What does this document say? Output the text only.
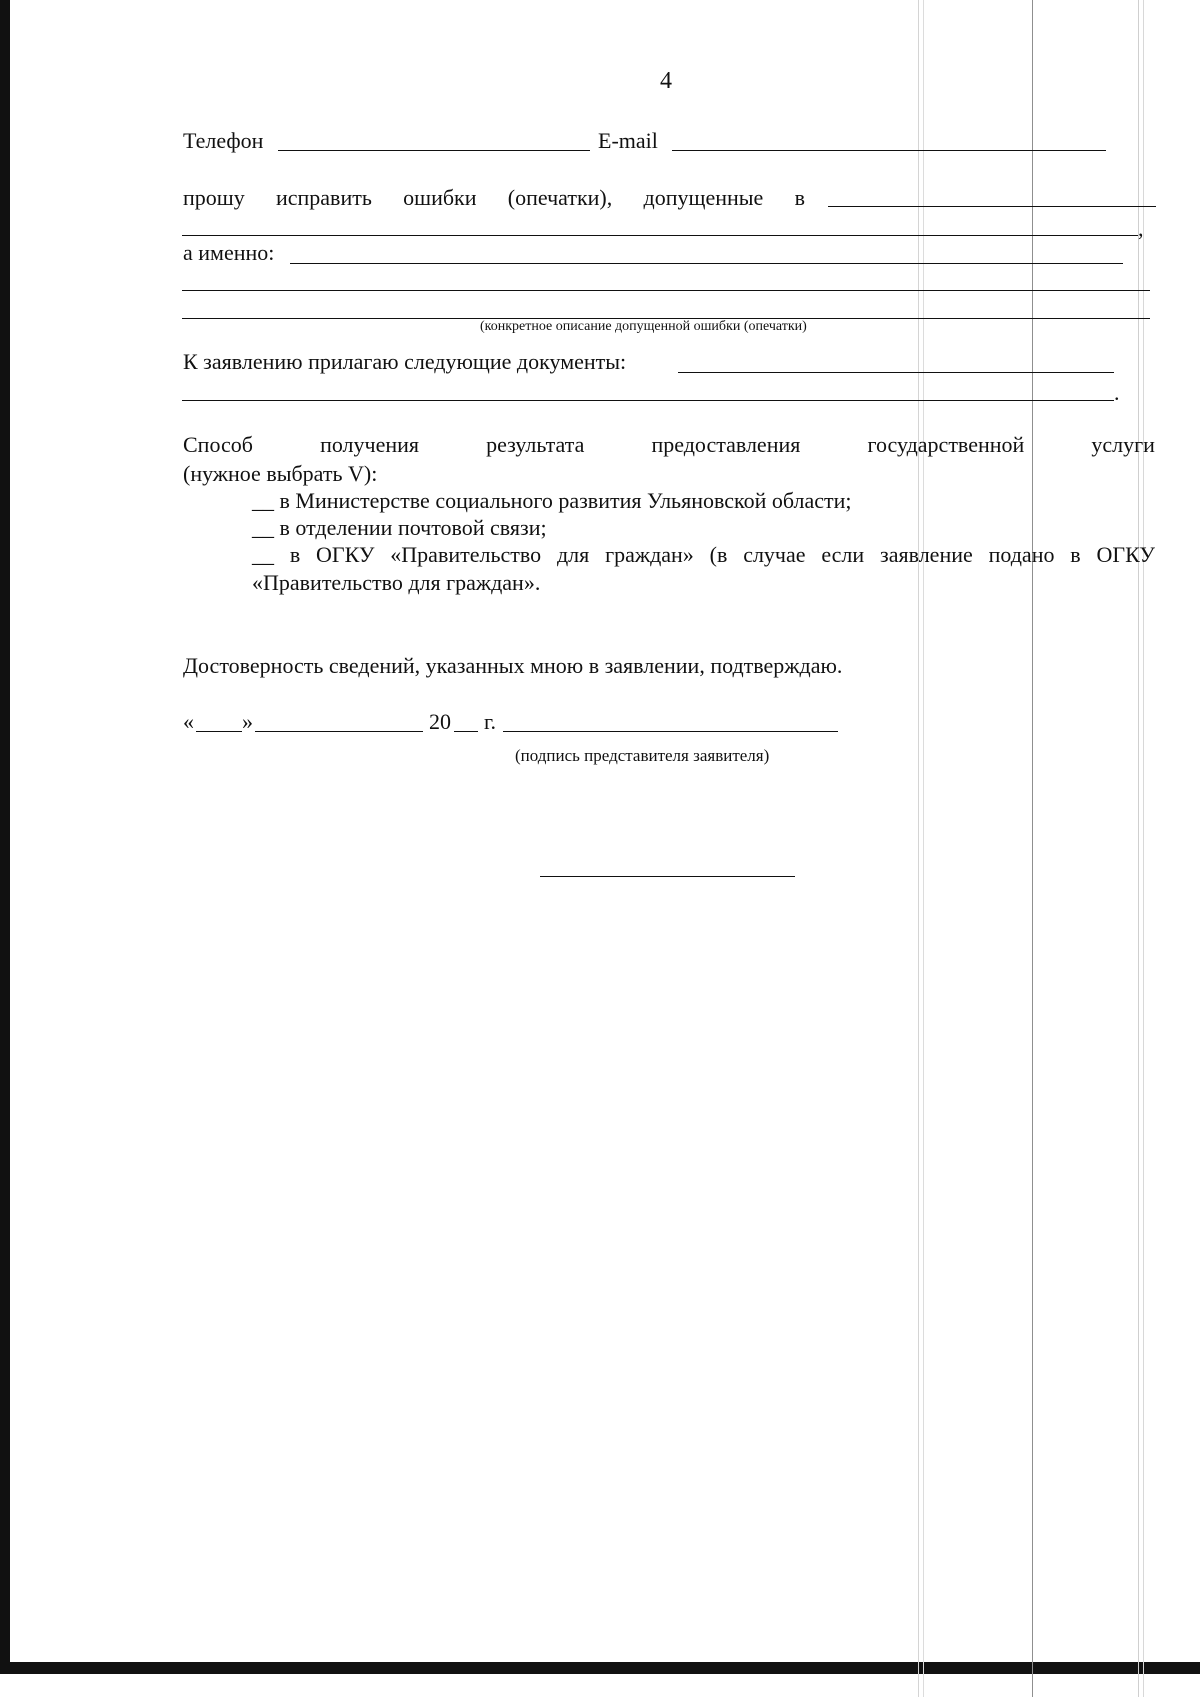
4
Телефон	E-mail
прошу исправить ошибки (опечатки), допущенные в
,
а именно:
(конкретное описание допущенной ошибки (опечатки)
К заявлению прилагаю следующие документы:
.
Способ	получения	результата	предоставления	государственной	услуги
(нужное выбрать V):
__ в Министерстве социального развития Ульяновской области;
__ в отделении почтовой связи;
__ в ОГКУ «Правительство для граждан» (в случае если заявление подано в ОГКУ
«Правительство для граждан».
Достоверность сведений, указанных мною в заявлении, подтверждаю.
« »	20 г.
(подпись представителя заявителя)
